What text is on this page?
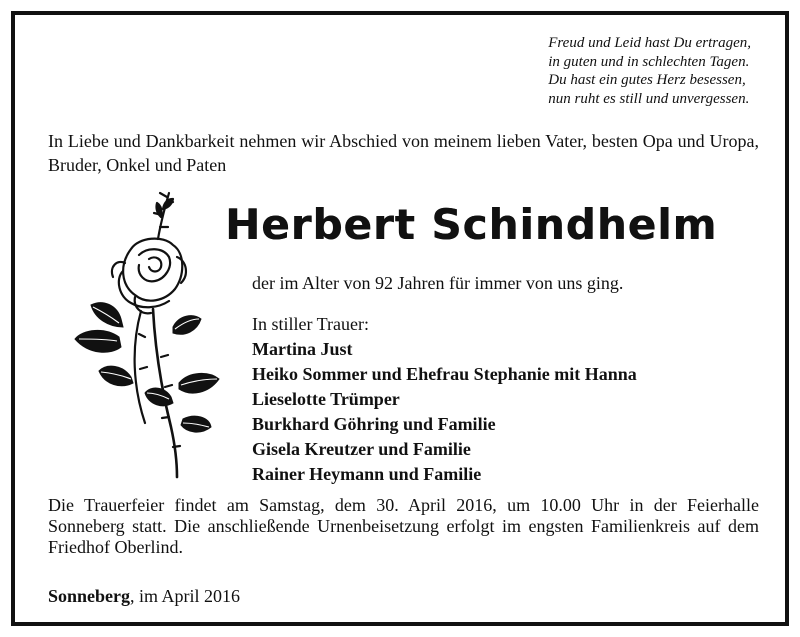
Freud und Leid hast Du ertragen,
in guten und in schlechten Tagen.
Du hast ein gutes Herz besessen,
nun ruht es still und unvergessen.
In Liebe und Dankbarkeit nehmen wir Abschied von meinem lieben Vater, besten Opa und Uropa, Bruder, Onkel und Paten
Herbert Schindhelm
der im Alter von 92 Jahren für immer von uns ging.
In stiller Trauer:
Martina Just
Heiko Sommer und Ehefrau Stephanie mit Hanna
Lieselotte Trümper
Burkhard Göhring und Familie
Gisela Kreutzer und Familie
Rainer Heymann und Familie
Die Trauerfeier findet am Samstag, dem 30. April 2016, um 10.00 Uhr in der Feierhalle Sonneberg statt. Die anschließende Urnenbeisetzung erfolgt im engsten Familienkreis auf dem Friedhof Oberlind.
Sonneberg, im April 2016
